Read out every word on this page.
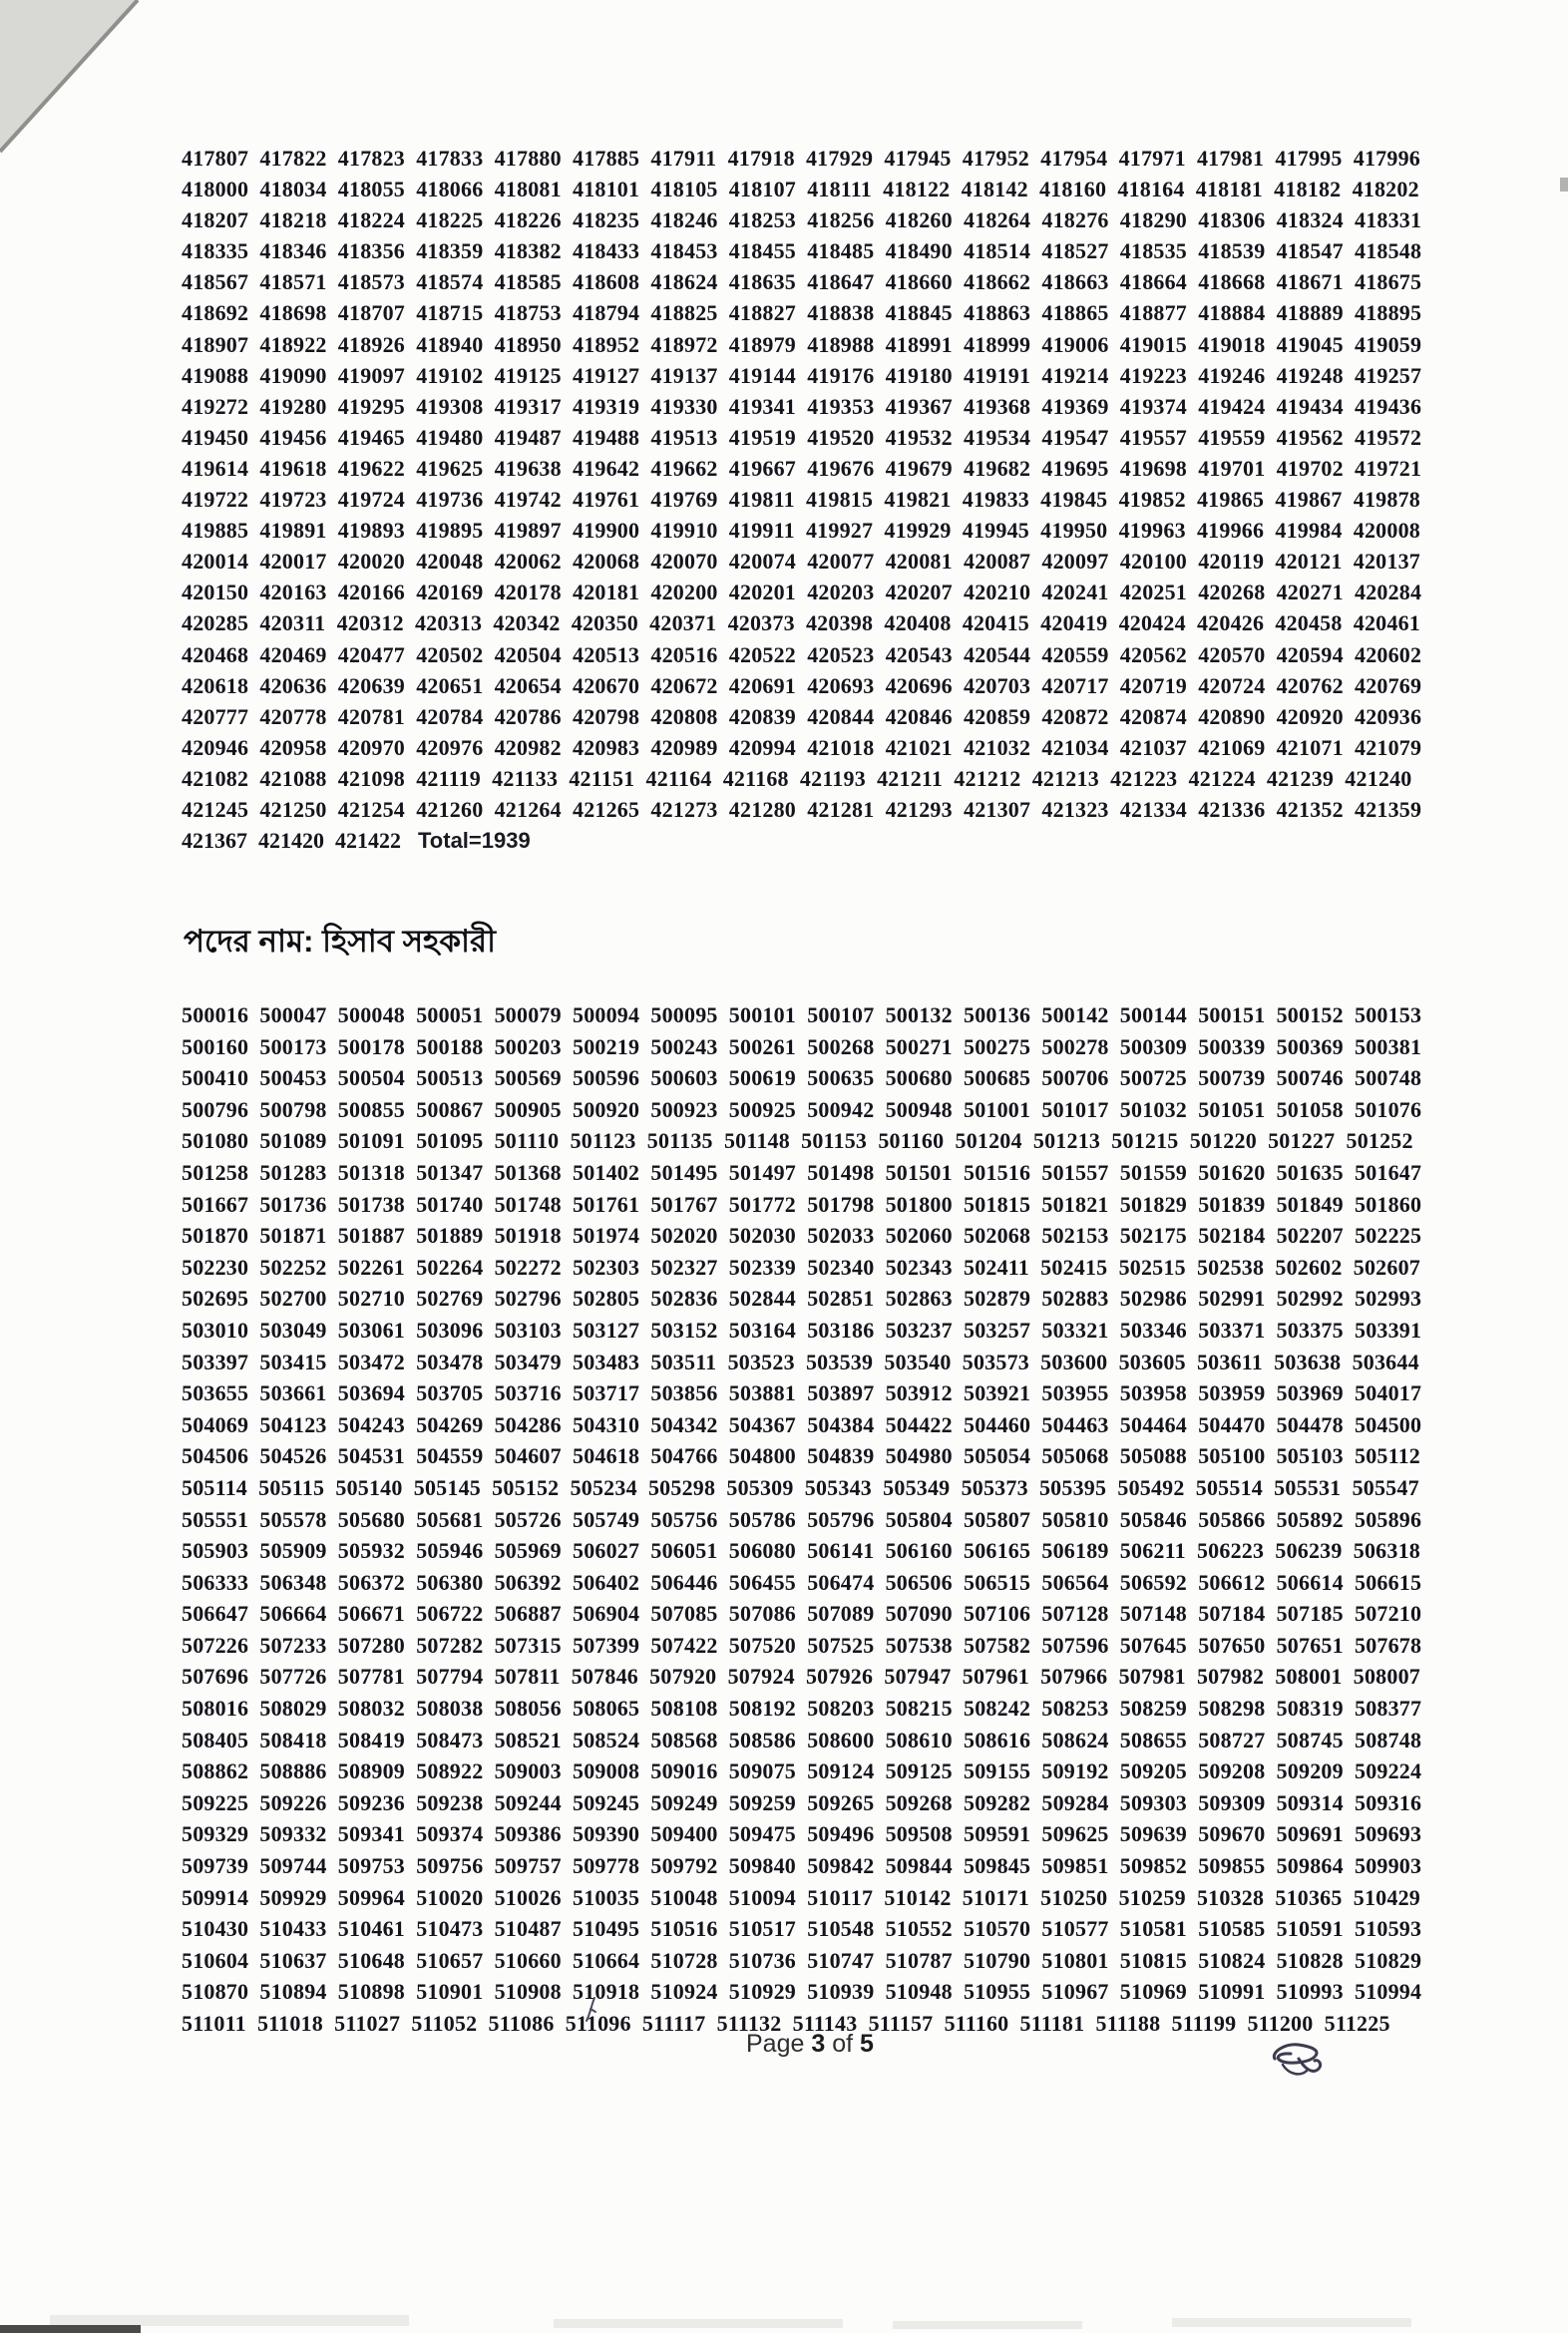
417807 417822 417823 417833 417880 417885 417911 417918 417929 417945 417952 417954 417971 417981 417995 417996
418000 418034 418055 418066 418081 418101 418105 418107 418111 418122 418142 418160 418164 418181 418182 418202
418207 418218 418224 418225 418226 418235 418246 418253 418256 418260 418264 418276 418290 418306 418324 418331
418335 418346 418356 418359 418382 418433 418453 418455 418485 418490 418514 418527 418535 418539 418547 418548
418567 418571 418573 418574 418585 418608 418624 418635 418647 418660 418662 418663 418664 418668 418671 418675
418692 418698 418707 418715 418753 418794 418825 418827 418838 418845 418863 418865 418877 418884 418889 418895
418907 418922 418926 418940 418950 418952 418972 418979 418988 418991 418999 419006 419015 419018 419045 419059
419088 419090 419097 419102 419125 419127 419137 419144 419176 419180 419191 419214 419223 419246 419248 419257
419272 419280 419295 419308 419317 419319 419330 419341 419353 419367 419368 419369 419374 419424 419434 419436
419450 419456 419465 419480 419487 419488 419513 419519 419520 419532 419534 419547 419557 419559 419562 419572
419614 419618 419622 419625 419638 419642 419662 419667 419676 419679 419682 419695 419698 419701 419702 419721
419722 419723 419724 419736 419742 419761 419769 419811 419815 419821 419833 419845 419852 419865 419867 419878
419885 419891 419893 419895 419897 419900 419910 419911 419927 419929 419945 419950 419963 419966 419984 420008
420014 420017 420020 420048 420062 420068 420070 420074 420077 420081 420087 420097 420100 420119 420121 420137
420150 420163 420166 420169 420178 420181 420200 420201 420203 420207 420210 420241 420251 420268 420271 420284
420285 420311 420312 420313 420342 420350 420371 420373 420398 420408 420415 420419 420424 420426 420458 420461
420468 420469 420477 420502 420504 420513 420516 420522 420523 420543 420544 420559 420562 420570 420594 420602
420618 420636 420639 420651 420654 420670 420672 420691 420693 420696 420703 420717 420719 420724 420762 420769
420777 420778 420781 420784 420786 420798 420808 420839 420844 420846 420859 420872 420874 420890 420920 420936
420946 420958 420970 420976 420982 420983 420989 420994 421018 421021 421032 421034 421037 421069 421071 421079
421082 421088 421098 421119 421133 421151 421164 421168 421193 421211 421212 421213 421223 421224 421239 421240
421245 421250 421254 421260 421264 421265 421273 421280 421281 421293 421307 421323 421334 421336 421352 421359
421367 421420 421422 Total=1939
পদের নাম: হিসাব সহকারী
500016 500047 500048 500051 500079 500094 500095 500101 500107 500132 500136 500142 500144 500151 500152 500153
500160 500173 500178 500188 500203 500219 500243 500261 500268 500271 500275 500278 500309 500339 500369 500381
500410 500453 500504 500513 500569 500596 500603 500619 500635 500680 500685 500706 500725 500739 500746 500748
500796 500798 500855 500867 500905 500920 500923 500925 500942 500948 501001 501017 501032 501051 501058 501076
501080 501089 501091 501095 501110 501123 501135 501148 501153 501160 501204 501213 501215 501220 501227 501252
501258 501283 501318 501347 501368 501402 501495 501497 501498 501501 501516 501557 501559 501620 501635 501647
501667 501736 501738 501740 501748 501761 501767 501772 501798 501800 501815 501821 501829 501839 501849 501860
501870 501871 501887 501889 501918 501974 502020 502030 502033 502060 502068 502153 502175 502184 502207 502225
502230 502252 502261 502264 502272 502303 502327 502339 502340 502343 502411 502415 502515 502538 502602 502607
502695 502700 502710 502769 502796 502805 502836 502844 502851 502863 502879 502883 502986 502991 502992 502993
503010 503049 503061 503096 503103 503127 503152 503164 503186 503237 503257 503321 503346 503371 503375 503391
503397 503415 503472 503478 503479 503483 503511 503523 503539 503540 503573 503600 503605 503611 503638 503644
503655 503661 503694 503705 503716 503717 503856 503881 503897 503912 503921 503955 503958 503959 503969 504017
504069 504123 504243 504269 504286 504310 504342 504367 504384 504422 504460 504463 504464 504470 504478 504500
504506 504526 504531 504559 504607 504618 504766 504800 504839 504980 505054 505068 505088 505100 505103 505112
505114 505115 505140 505145 505152 505234 505298 505309 505343 505349 505373 505395 505492 505514 505531 505547
505551 505578 505680 505681 505726 505749 505756 505786 505796 505804 505807 505810 505846 505866 505892 505896
505903 505909 505932 505946 505969 506027 506051 506080 506141 506160 506165 506189 506211 506223 506239 506318
506333 506348 506372 506380 506392 506402 506446 506455 506474 506506 506515 506564 506592 506612 506614 506615
506647 506664 506671 506722 506887 506904 507085 507086 507089 507090 507106 507128 507148 507184 507185 507210
507226 507233 507280 507282 507315 507399 507422 507520 507525 507538 507582 507596 507645 507650 507651 507678
507696 507726 507781 507794 507811 507846 507920 507924 507926 507947 507961 507966 507981 507982 508001 508007
508016 508029 508032 508038 508056 508065 508108 508192 508203 508215 508242 508253 508259 508298 508319 508377
508405 508418 508419 508473 508521 508524 508568 508586 508600 508610 508616 508624 508655 508727 508745 508748
508862 508886 508909 508922 509003 509008 509016 509075 509124 509125 509155 509192 509205 509208 509209 509224
509225 509226 509236 509238 509244 509245 509249 509259 509265 509268 509282 509284 509303 509309 509314 509316
509329 509332 509341 509374 509386 509390 509400 509475 509496 509508 509591 509625 509639 509670 509691 509693
509739 509744 509753 509756 509757 509778 509792 509840 509842 509844 509845 509851 509852 509855 509864 509903
509914 509929 509964 510020 510026 510035 510048 510094 510117 510142 510171 510250 510259 510328 510365 510429
510430 510433 510461 510473 510487 510495 510516 510517 510548 510552 510570 510577 510581 510585 510591 510593
510604 510637 510648 510657 510660 510664 510728 510736 510747 510787 510790 510801 510815 510824 510828 510829
510870 510894 510898 510901 510908 510918 510924 510929 510939 510948 510955 510967 510969 510991 510993 510994
511011 511018 511027 511052 511086 511096 511117 511132 511143 511157 511160 511181 511188 511199 511200 511225
Page 3 of 5
